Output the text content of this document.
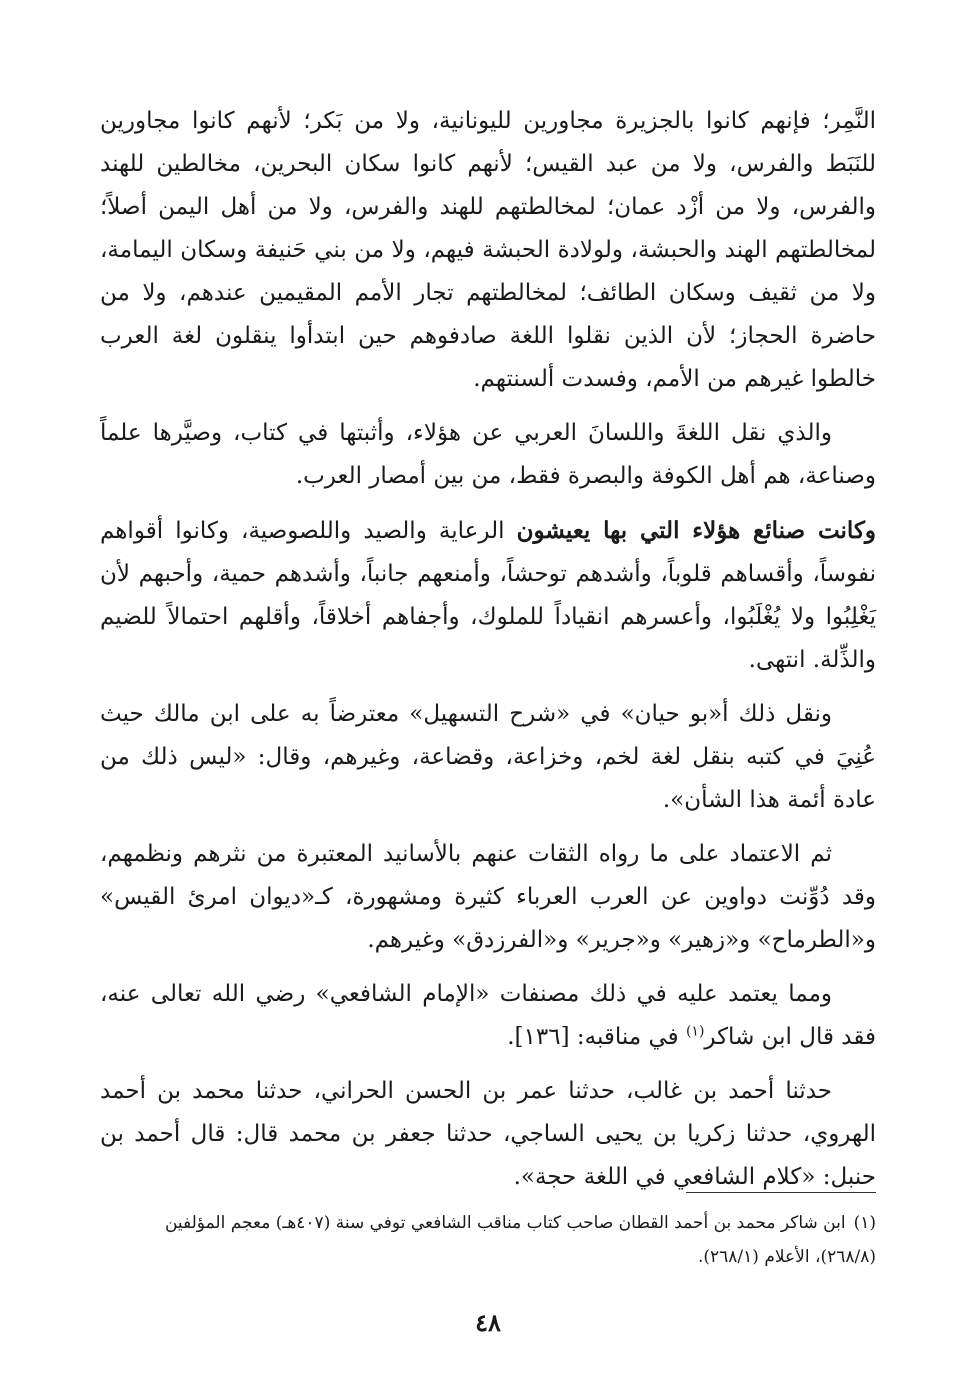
النَّمِر؛ فإنهم كانوا بالجزيرة مجاورين لليونانية، ولا من بَكر؛ لأنهم كانوا مجاورين للنَبَط والفرس، ولا من عبد القيس؛ لأنهم كانوا سكان البحرين، مخالطين للهند والفرس، ولا من أزْد عمان؛ لمخالطتهم للهند والفرس، ولا من أهل اليمن أصلاً؛ لمخالطتهم الهند والحبشة، ولولادة الحبشة فيهم، ولا من بني حَنيفة وسكان اليمامة، ولا من ثقيف وسكان الطائف؛ لمخالطتهم تجار الأمم المقيمين عندهم، ولا من حاضرة الحجاز؛ لأن الذين نقلوا اللغة صادفوهم حين ابتدأوا ينقلون لغة العرب خالطوا غيرهم من الأمم، وفسدت ألسنتهم.

والذي نقل اللغةَ واللسانَ العربي عن هؤلاء، وأثبتها في كتاب، وصيَّرها علماً وصناعة، هم أهل الكوفة والبصرة فقط، من بين أمصار العرب.

وكانت صنائع هؤلاء التي بها يعيشون الرعاية والصيد واللصوصية، وكانوا أقواهم نفوساً، وأقساهم قلوباً، وأشدهم توحشاً، وأمنعهم جانباً، وأشدهم حمية، وأحبهم لأن يَغْلِبُوا ولا يُغْلَبُوا، وأعسرهم انقياداً للملوك، وأجفاهم أخلاقاً، وأقلهم احتمالاً للضيم والذِّلة. انتهى.

ونقل ذلك أ«بو حيان» في «شرح التسهيل» معترضاً به على ابن مالك حيث عُنِيَ في كتبه بنقل لغة لخم، وخزاعة، وقضاعة، وغيرهم، وقال: «ليس ذلك من عادة أئمة هذا الشأن».

ثم الاعتماد على ما رواه الثقات عنهم بالأسانيد المعتبرة من نثرهم ونظمهم، وقد دُوِّنت دواوين عن العرب العرباء كثيرة ومشهورة، كـ«ديوان امرئ القيس» و«الطرماح» و«زهير» و«جرير» و«الفرزدق» وغيرهم.

ومما يعتمد عليه في ذلك مصنفات «الإمام الشافعي» رضي الله تعالى عنه، فقد قال ابن شاكر$^{(١)}$ في مناقبه: [١٣٦].

حدثنا أحمد بن غالب، حدثنا عمر بن الحسن الحراني، حدثنا محمد بن أحمد الهروي، حدثنا زكريا بن يحيى الساجي، حدثنا جعفر بن محمد قال: قال أحمد بن حنبل: «كلام الشافعي في اللغة حجة».

(١)ابن شاكر محمد بن أحمد القطان صاحب كتاب مناقب الشافعي توفي سنة (٤٠٧هـ) معجم المؤلفين (٢٦٨/٨)، الأعلام (٢٦٨/١).

٤٨
